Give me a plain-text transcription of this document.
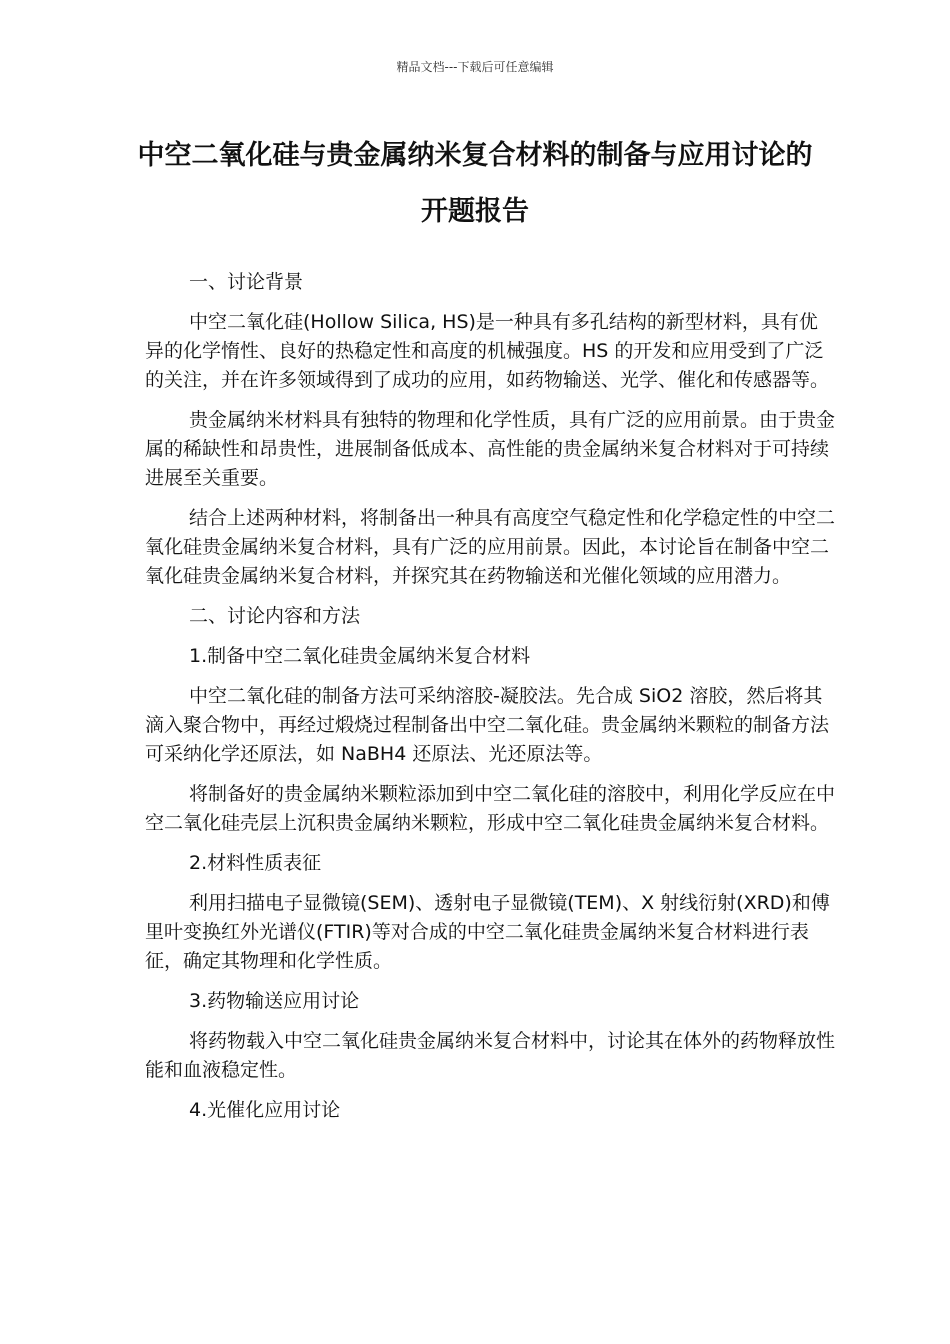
精品文档---下载后可任意编辑
中空二氧化硅与贵金属纳米复合材料的制备与应用讨论的开题报告

一、讨论背景

中空二氧化硅(Hollow Silica, HS)是一种具有多孔结构的新型材料，具有优异的化学惰性、良好的热稳定性和高度的机械强度。HS 的开发和应用受到了广泛的关注，并在许多领域得到了成功的应用，如药物输送、光学、催化和传感器等。

贵金属纳米材料具有独特的物理和化学性质，具有广泛的应用前景。由于贵金属的稀缺性和昂贵性，进展制备低成本、高性能的贵金属纳米复合材料对于可持续进展至关重要。

结合上述两种材料，将制备出一种具有高度空气稳定性和化学稳定性的中空二氧化硅贵金属纳米复合材料，具有广泛的应用前景。因此，本讨论旨在制备中空二氧化硅贵金属纳米复合材料，并探究其在药物输送和光催化领域的应用潜力。

二、讨论内容和方法

1.制备中空二氧化硅贵金属纳米复合材料

中空二氧化硅的制备方法可采纳溶胶-凝胶法。先合成 SiO2 溶胶，然后将其滴入聚合物中，再经过煅烧过程制备出中空二氧化硅。贵金属纳米颗粒的制备方法可采纳化学还原法，如 NaBH4 还原法、光还原法等。

将制备好的贵金属纳米颗粒添加到中空二氧化硅的溶胶中，利用化学反应在中空二氧化硅壳层上沉积贵金属纳米颗粒，形成中空二氧化硅贵金属纳米复合材料。

2.材料性质表征

利用扫描电子显微镜(SEM)、透射电子显微镜(TEM)、X 射线衍射(XRD)和傅里叶变换红外光谱仪(FTIR)等对合成的中空二氧化硅贵金属纳米复合材料进行表征，确定其物理和化学性质。

3.药物输送应用讨论

将药物载入中空二氧化硅贵金属纳米复合材料中，讨论其在体外的药物释放性能和血液稳定性。

4.光催化应用讨论
